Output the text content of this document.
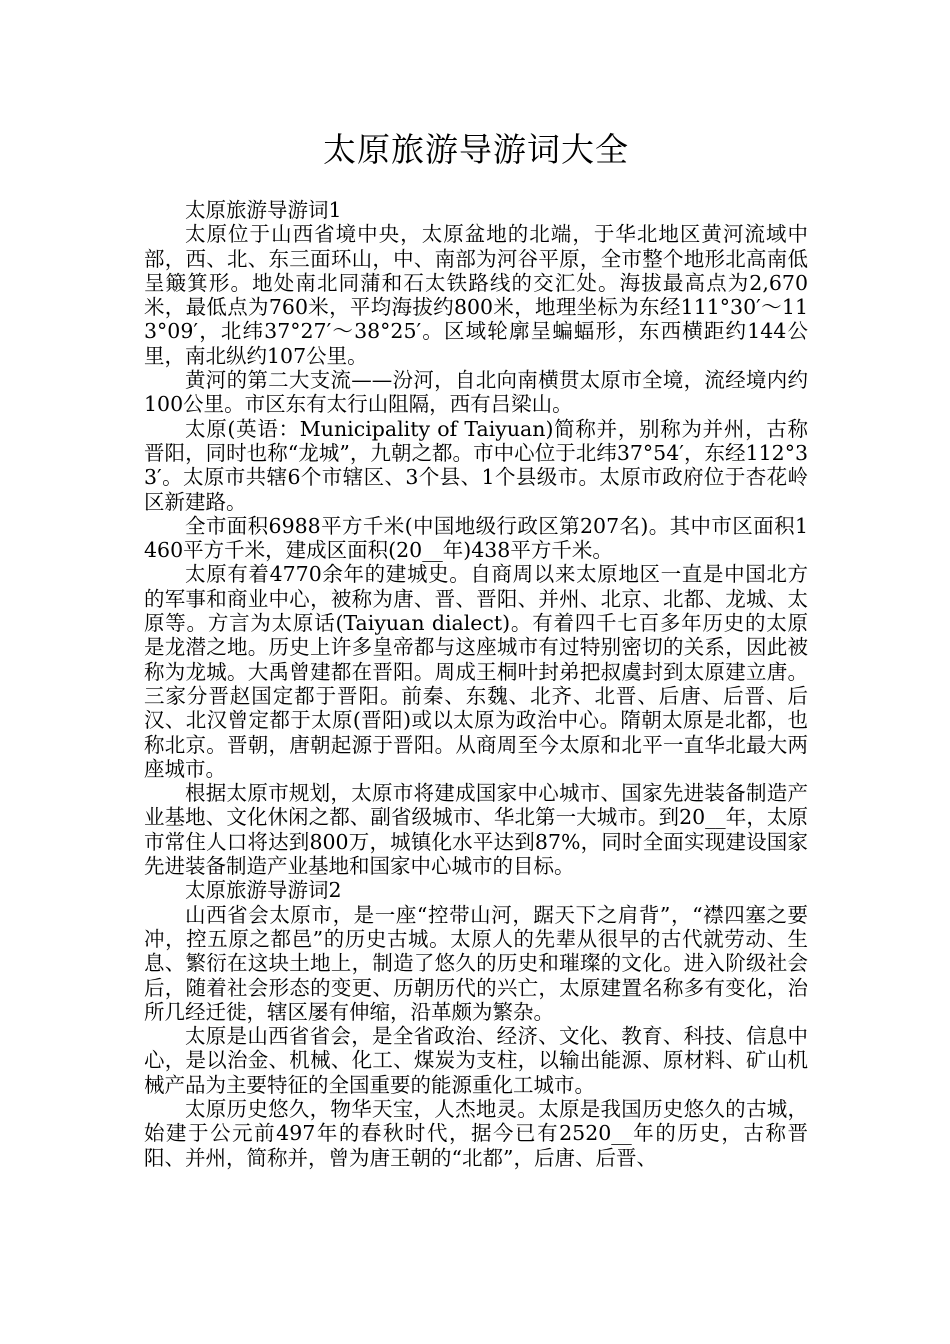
太原旅游导游词大全
太原旅游导游词1

太原位于山西省境中央，太原盆地的北端，于华北地区黄河流域中部，西、北、东三面环山，中、南部为河谷平原，全市整个地形北高南低呈簸箕形。地处南北同蒲和石太铁路线的交汇处。海拔最高点为2,670米，最低点为760米，平均海拔约800米，地理坐标为东经111°30′～113°09′，北纬37°27′～38°25′。区域轮廓呈蝙蝠形，东西横距约144公里，南北纵约107公里。

黄河的第二大支流——汾河，自北向南横贯太原市全境，流经境内约100公里。市区东有太行山阻隔，西有吕梁山。

太原(英语：Municipality of Taiyuan)简称并，别称为并州，古称晋阳，同时也称“龙城”，九朝之都。市中心位于北纬37°54′，东经112°33′。太原市共辖6个市辖区、3个县、1个县级市。太原市政府位于杏花岭区新建路。

全市面积6988平方千米(中国地级行政区第207名)。其中市区面积1460平方千米，建成区面积(20__年)438平方千米。

太原有着4770余年的建城史。自商周以来太原地区一直是中国北方的军事和商业中心，被称为唐、晋、晋阳、并州、北京、北都、龙城、太原等。方言为太原话(Taiyuan dialect)。有着四千七百多年历史的太原是龙潜之地。历史上许多皇帝都与这座城市有过特别密切的关系，因此被称为龙城。大禹曾建都在晋阳。周成王桐叶封弟把叔虞封到太原建立唐。三家分晋赵国定都于晋阳。前秦、东魏、北齐、北晋、后唐、后晋、后汉、北汉曾定都于太原(晋阳)或以太原为政治中心。隋朝太原是北都，也称北京。晋朝，唐朝起源于晋阳。从商周至今太原和北平一直华北最大两座城市。

根据太原市规划，太原市将建成国家中心城市、国家先进装备制造产业基地、文化休闲之都、副省级城市、华北第一大城市。到20__年，太原市常住人口将达到800万，城镇化水平达到87%，同时全面实现建设国家先进装备制造产业基地和国家中心城市的目标。

太原旅游导游词2

山西省会太原市，是一座“控带山河，踞天下之肩背”，“襟四塞之要冲，控五原之都邑”的历史古城。太原人的先辈从很早的古代就劳动、生息、繁衍在这块土地上，制造了悠久的历史和璀璨的文化。进入阶级社会后，随着社会形态的变更、历朝历代的兴亡，太原建置名称多有变化，治所几经迁徙，辖区屡有伸缩，沿革颇为繁杂。

太原是山西省省会，是全省政治、经济、文化、教育、科技、信息中心，是以治金、机械、化工、煤炭为支柱，以输出能源、原材料、矿山机械产品为主要特征的全国重要的能源重化工城市。

太原历史悠久，物华天宝，人杰地灵。太原是我国历史悠久的古城，始建于公元前497年的春秋时代，据今已有2520__年的历史，古称晋阳、并州，简称并，曾为唐王朝的“北都”，后唐、后晋、
